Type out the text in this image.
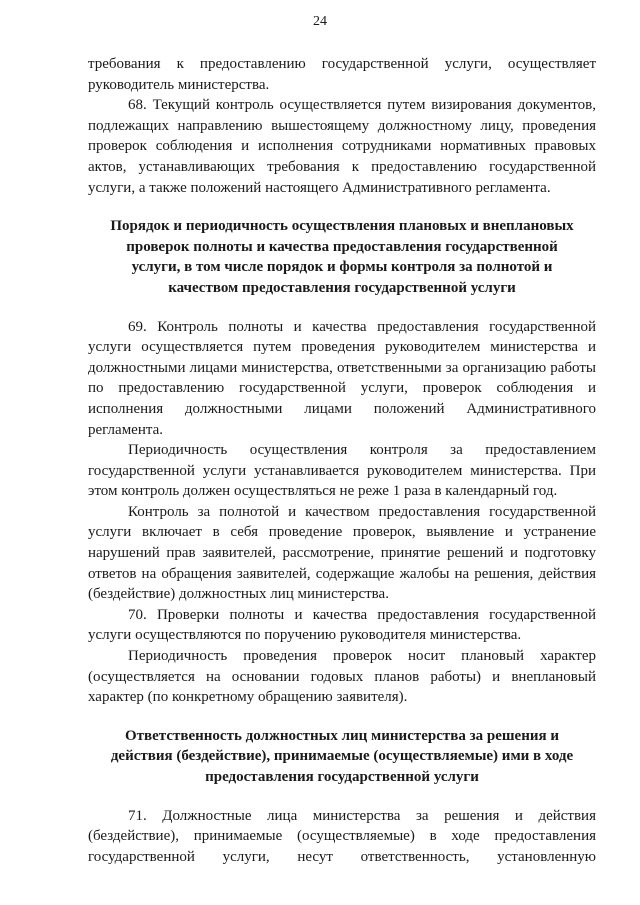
24

требования к предоставлению государственной услуги, осуществляет руководитель министерства.

68. Текущий контроль осуществляется путем визирования документов, подлежащих направлению вышестоящему должностному лицу, проведения проверок соблюдения и исполнения сотрудниками нормативных правовых актов, устанавливающих требования к предоставлению государственной услуги, а также положений настоящего Административного регламента.

Порядок и периодичность осуществления плановых и внеплановых проверок полноты и качества предоставления государственной услуги, в том числе порядок и формы контроля за полнотой и качеством предоставления государственной услуги

69. Контроль полноты и качества предоставления государственной услуги осуществляется путем проведения руководителем министерства и должностными лицами министерства, ответственными за организацию работы по предоставлению государственной услуги, проверок соблюдения и исполнения должностными лицами положений Административного регламента.

Периодичность осуществления контроля за предоставлением государственной услуги устанавливается руководителем министерства. При этом контроль должен осуществляться не реже 1 раза в календарный год.

Контроль за полнотой и качеством предоставления государственной услуги включает в себя проведение проверок, выявление и устранение нарушений прав заявителей, рассмотрение, принятие решений и подготовку ответов на обращения заявителей, содержащие жалобы на решения, действия (бездействие) должностных лиц министерства.

70. Проверки полноты и качества предоставления государственной услуги осуществляются по поручению руководителя министерства.

Периодичность проведения проверок носит плановый характер (осуществляется на основании годовых планов работы) и внеплановый характер (по конкретному обращению заявителя).

Ответственность должностных лиц министерства за решения и действия (бездействие), принимаемые (осуществляемые) ими в ходе предоставления государственной услуги

71. Должностные лица министерства за решения и действия (бездействие), принимаемые (осуществляемые) в ходе предоставления государственной услуги, несут ответственность, установленную
